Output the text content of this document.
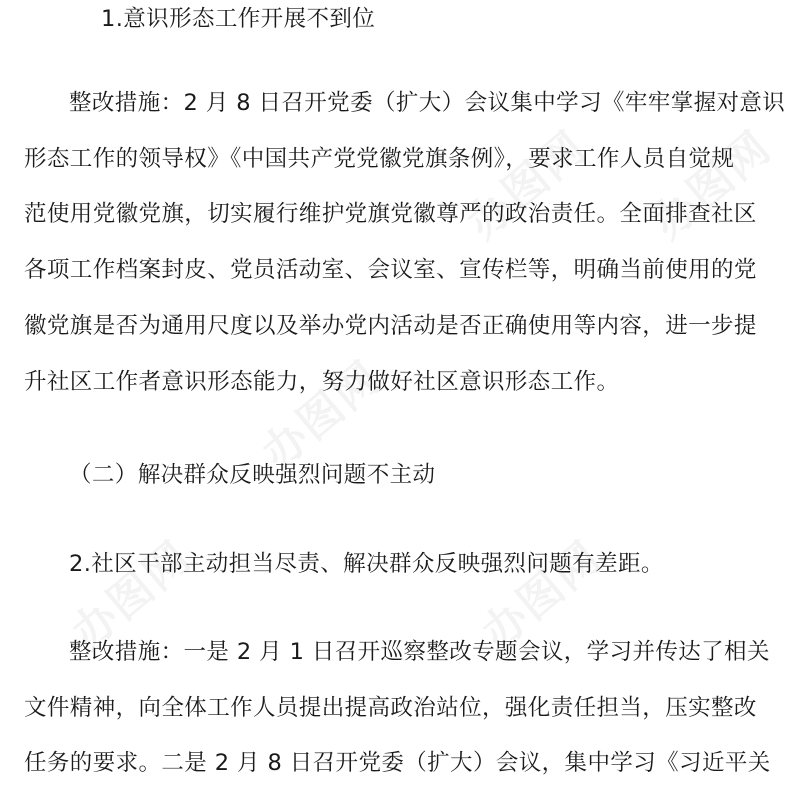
办图网 办图网
办图网
办图网	办图网
1.意识形态工作开展不到位
整改措施：2 月 8 日召开党委（扩大）会议集中学习《牢牢掌握对意识
形态工作的领导权》《中国共产党党徽党旗条例》，要求工作人员自觉规
范使用党徽党旗，切实履行维护党旗党徽尊严的政治责任。全面排查社区
各项工作档案封皮、党员活动室、会议室、宣传栏等，明确当前使用的党
徽党旗是否为通用尺度以及举办党内活动是否正确使用等内容，进一步提
升社区工作者意识形态能力，努力做好社区意识形态工作。
（二）解决群众反映强烈问题不主动
2.社区干部主动担当尽责、解决群众反映强烈问题有差距。
整改措施：一是 2 月 1 日召开巡察整改专题会议，学习并传达了相关
文件精神，向全体工作人员提出提高政治站位，强化责任担当，压实整改
任务的要求。二是 2 月 8 日召开党委（扩大）会议，集中学习《习近平关
